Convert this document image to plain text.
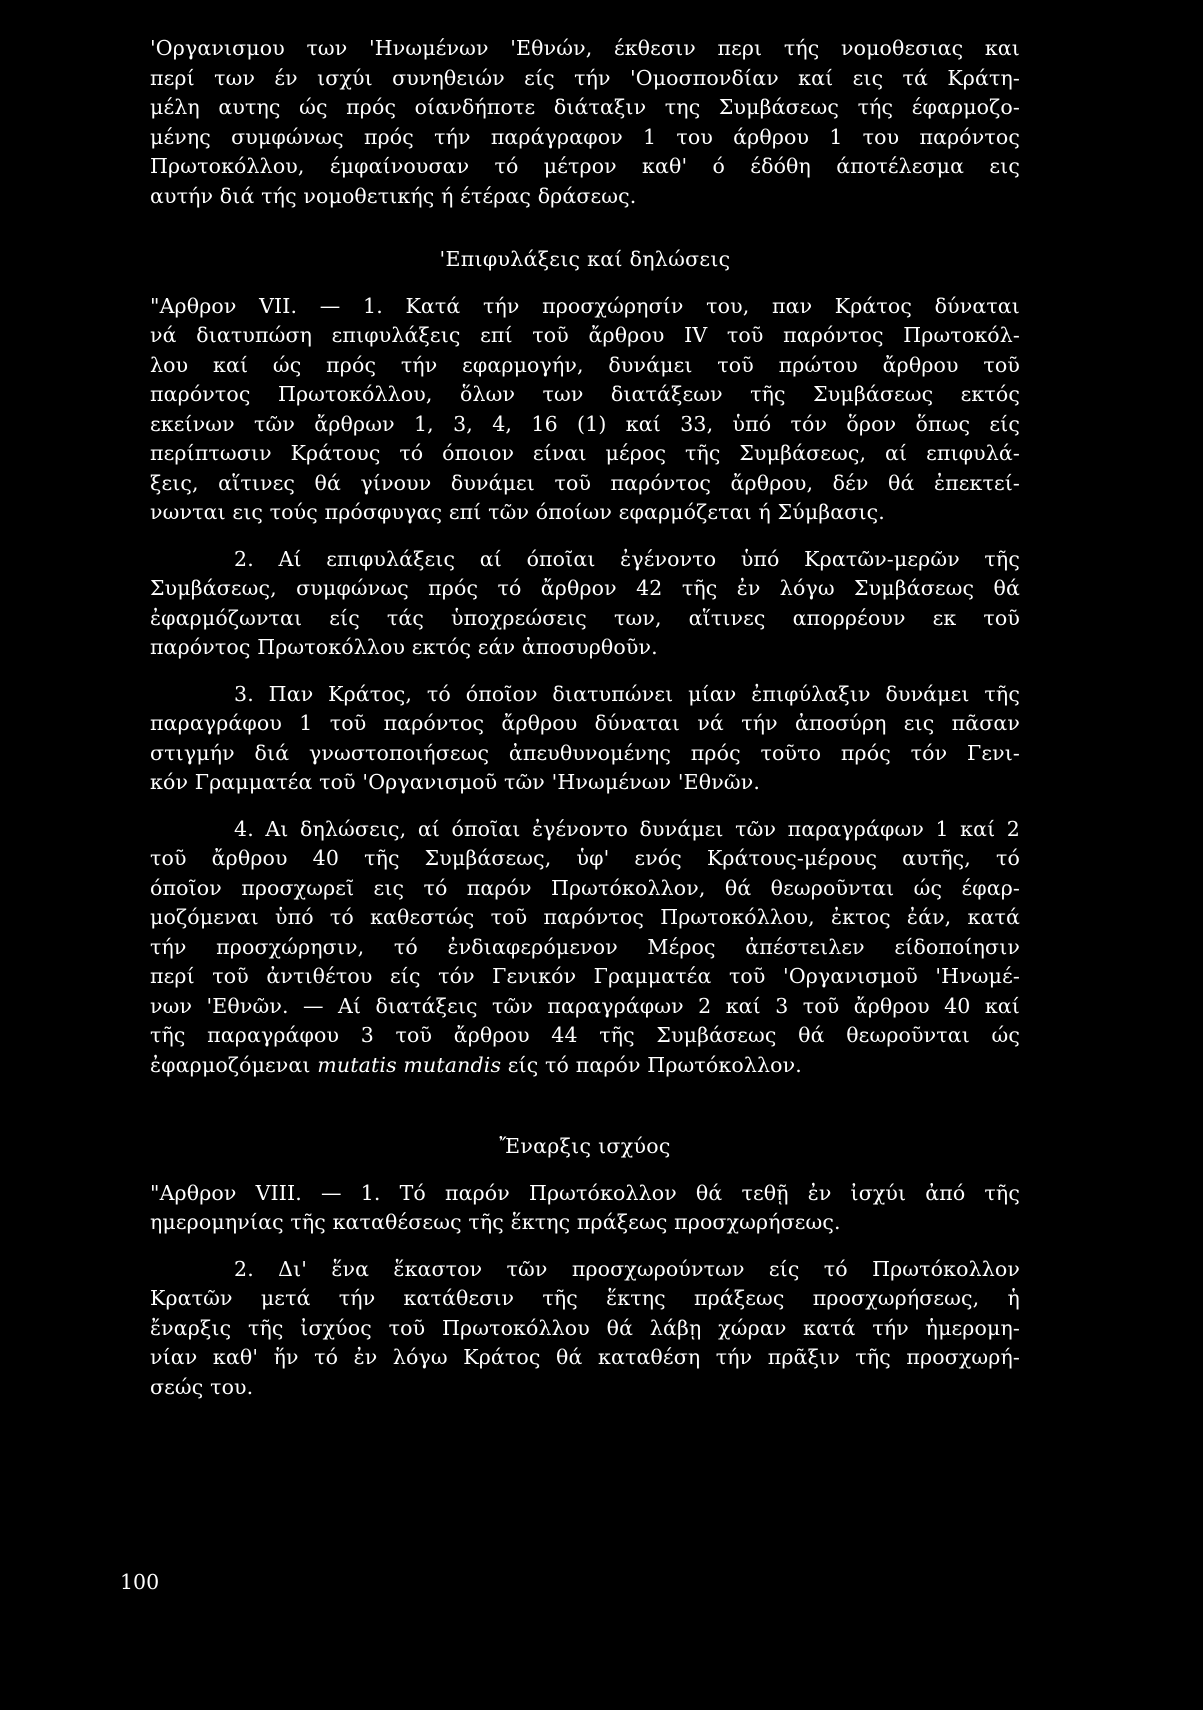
'Οργανισμου των 'Ηνωμένων 'Εθνών, έκθεσιν περι τής νομοθεσιας και
περί των έν ισχύι συνηθειών είς τήν 'Ομοσπονδίαν καί εις τά Κράτη-
μέλη αυτης ώς πρός οίανδήποτε διάταξιν της Συμβάσεως τής έφαρμοζο-
μένης συμφώνως πρός τήν παράγραφον 1 του άρθρου 1 του παρόντος
Πρωτοκόλλου, έμφαίνουσαν τό μέτρον καθ' ό έδόθη άποτέλεσμα εις
αυτήν διά τής νομοθετικής ή έτέρας δράσεως.
'Επιφυλάξεις καί δηλώσεις
"Αρθρον VII. — 1. Κατά τήν προσχώρησίν του, παν Κράτος δύναται
νά διατυπώση επιφυλάξεις επί τοῦ ἄρθρου IV τοῦ παρόντος Πρωτοκόλ-
λου καί ώς πρός τήν εφαρμογήν, δυνάμει τοῦ πρώτου ἄρθρου τοῦ
παρόντος Πρωτοκόλλου, ὅλων των διατάξεων τῆς Συμβάσεως εκτός
εκείνων τῶν ἄρθρων 1, 3, 4, 16 (1) καί 33, ὑπό τόν ὅρον ὅπως είς
περίπτωσιν Κράτους τό όποιον είναι μέρος τῆς Συμβάσεως, αί επιφυλά-
ξεις, αἵτινες θά γίνουν δυνάμει τοῦ παρόντος ἄρθρου, δέν θά ἐπεκτεί-
νωνται εις τούς πρόσφυγας επί τῶν όποίων εφαρμόζεται ή Σύμβασις.
2. Αί επιφυλάξεις αί όποῖαι ἐγένοντο ὑπό Κρατῶν-μερῶν τῆς
Συμβάσεως, συμφώνως πρός τό ἄρθρον 42 τῆς ἐν λόγω Συμβάσεως θά
ἐφαρμόζωνται είς τάς ὑποχρεώσεις των, αἵτινες απορρέουν εκ τοῦ
παρόντος Πρωτοκόλλου εκτός εάν ἀποσυρθοῦν.
3. Παν Κράτος, τό όποῖον διατυπώνει μίαν ἐπιφύλαξιν δυνάμει τῆς
παραγράφου 1 τοῦ παρόντος ἄρθρου δύναται νά τήν ἀποσύρη εις πᾶσαν
στιγμήν διά γνωστοποιήσεως ἀπευθυνομένης πρός τοῦτο πρός τόν Γενι-
κόν Γραμματέα τοῦ 'Οργανισμοῦ τῶν 'Ηνωμένων 'Εθνῶν.
4. Αι δηλώσεις, αί όποῖαι ἐγένοντο δυνάμει τῶν παραγράφων 1 καί 2
τοῦ ἄρθρου 40 τῆς Συμβάσεως, ὑφ' ενός Κράτους-μέρους αυτῆς, τό
όποῖον προσχωρεῖ εις τό παρόν Πρωτόκολλον, θά θεωροῦνται ώς έφαρ-
μοζόμεναι ὑπό τό καθεστώς τοῦ παρόντος Πρωτοκόλλου, ἐκτος ἐάν, κατά
τήν προσχώρησιν, τό ἐνδιαφερόμενον Μέρος ἀπέστειλεν είδοποίησιν
περί τοῦ ἀντιθέτου είς τόν Γενικόν Γραμματέα τοῦ 'Οργανισμοῦ 'Ηνωμέ-
νων 'Εθνῶν. — Αί διατάξεις τῶν παραγράφων 2 καί 3 τοῦ ἄρθρου 40 καί
τῆς παραγράφου 3 τοῦ ἄρθρου 44 τῆς Συμβάσεως θά θεωροῦνται ώς
ἐφαρμοζόμεναι mutatis mutandis είς τό παρόν Πρωτόκολλον.
Ἔναρξις ισχύος
"Αρθρον VIII. — 1. Τό παρόν Πρωτόκολλον θά τεθῇ ἐν ἰσχύι ἀπό τῆς
ημερομηνίας τῆς καταθέσεως τῆς ἕκτης πράξεως προσχωρήσεως.
2. Δι' ἕνα ἕκαστον τῶν προσχωρούντων είς τό Πρωτόκολλον
Κρατῶν μετά τήν κατάθεσιν τῆς ἕκτης πράξεως προσχωρήσεως, ἡ
ἔναρξις τῆς ἰσχύος τοῦ Πρωτοκόλλου θά λάβῃ χώραν κατά τήν ἡμερομη-
νίαν καθ' ἥν τό ἐν λόγω Κράτος θά καταθέση τήν πρᾶξιν τῆς προσχωρή-
σεώς του.
100
